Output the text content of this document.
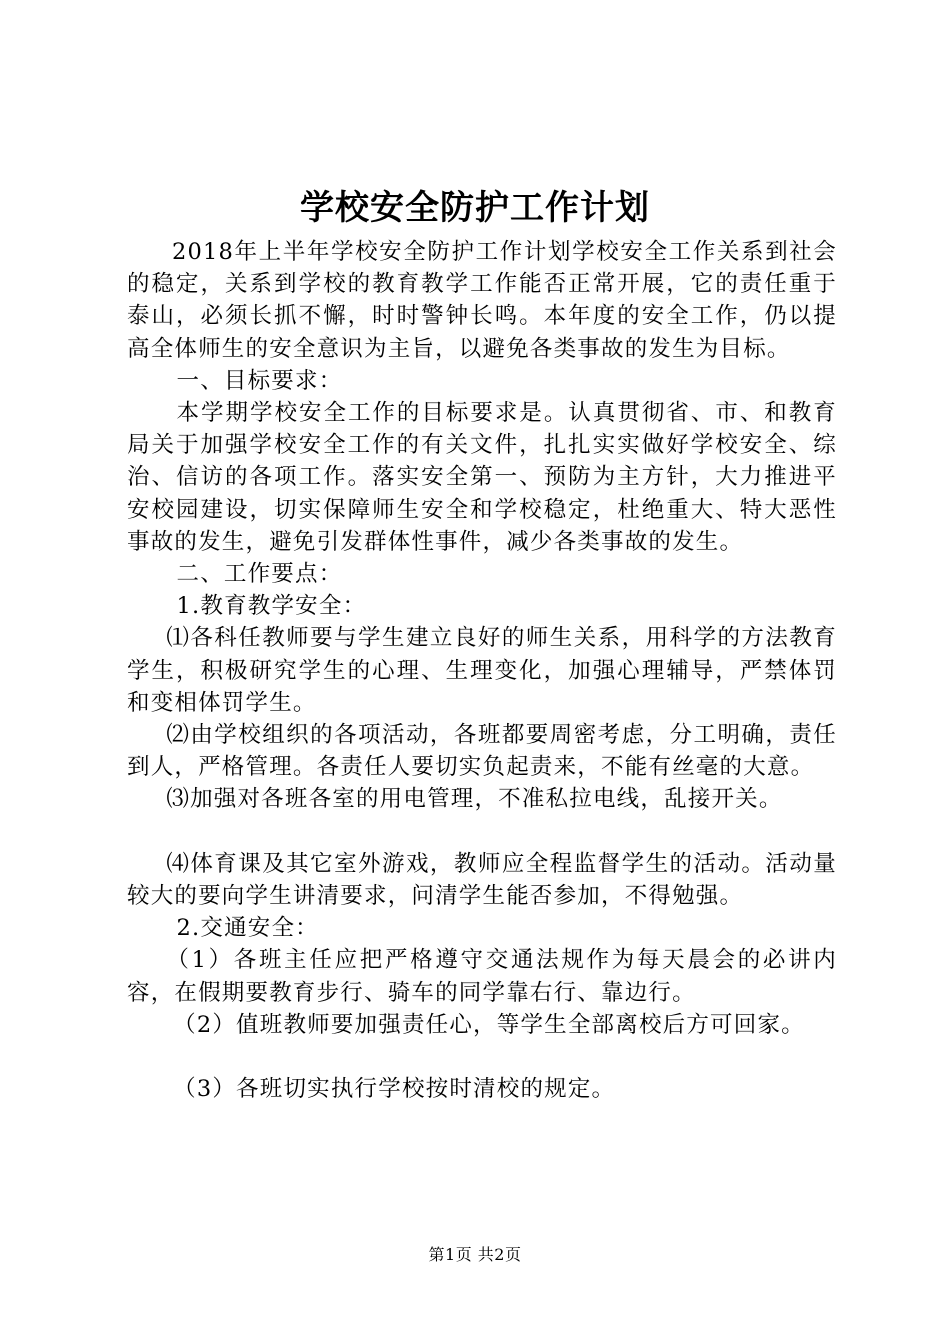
学校安全防护工作计划

2018年上半年学校安全防护工作计划学校安全工作关系到社会的稳定，关系到学校的教育教学工作能否正常开展，它的责任重于泰山，必须长抓不懈，时时警钟长鸣。本年度的安全工作，仍以提高全体师生的安全意识为主旨，以避免各类事故的发生为目标。

一、目标要求：

本学期学校安全工作的目标要求是。认真贯彻省、市、和教育局关于加强学校安全工作的有关文件，扎扎实实做好学校安全、综治、信访的各项工作。落实安全第一、预防为主方针，大力推进平安校园建设，切实保障师生安全和学校稳定，杜绝重大、特大恶性事故的发生，避免引发群体性事件，减少各类事故的发生。

二、工作要点：

1.教育教学安全：

⑴各科任教师要与学生建立良好的师生关系，用科学的方法教育学生，积极研究学生的心理、生理变化，加强心理辅导，严禁体罚和变相体罚学生。

⑵由学校组织的各项活动，各班都要周密考虑，分工明确，责任到人，严格管理。各责任人要切实负起责来，不能有丝毫的大意。

⑶加强对各班各室的用电管理，不准私拉电线，乱接开关。

⑷体育课及其它室外游戏，教师应全程监督学生的活动。活动量较大的要向学生讲清要求，问清学生能否参加，不得勉强。

2.交通安全：

（1）各班主任应把严格遵守交通法规作为每天晨会的必讲内容，在假期要教育步行、骑车的同学靠右行、靠边行。

（2）值班教师要加强责任心，等学生全部离校后方可回家。

（3）各班切实执行学校按时清校的规定。

第1页 共2页
